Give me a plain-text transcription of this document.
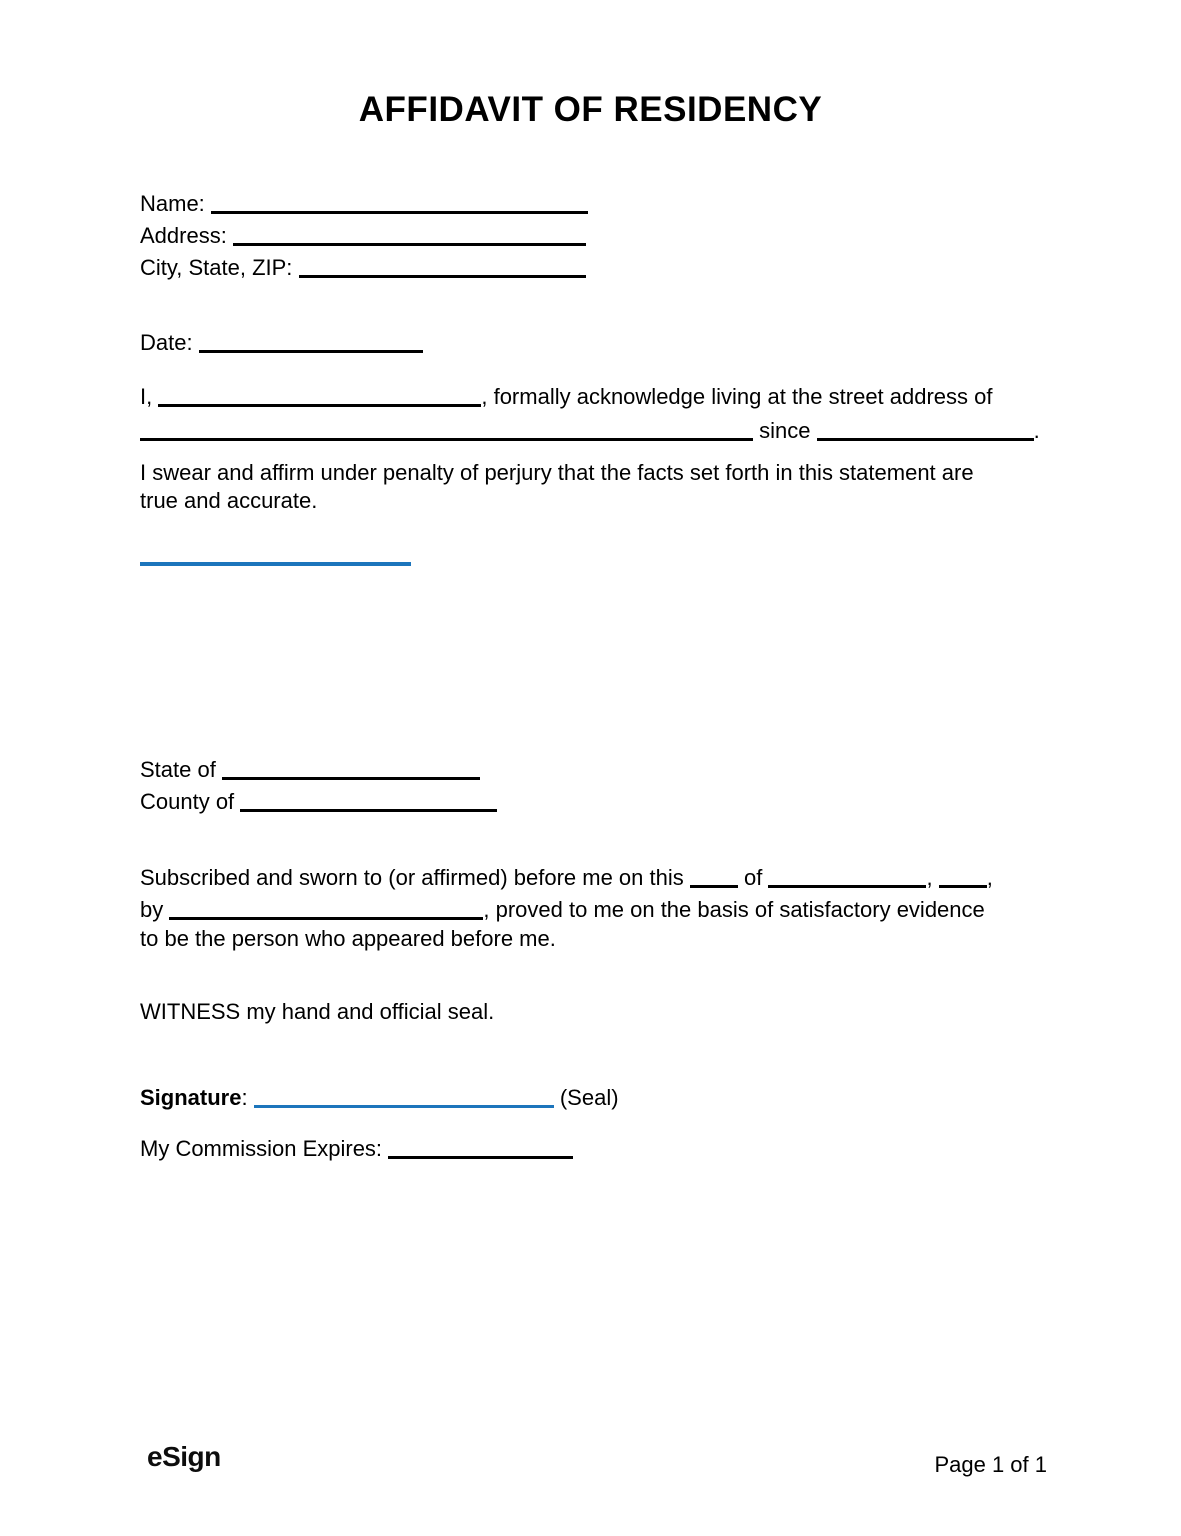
AFFIDAVIT OF RESIDENCY
Name:
Address:
City, State, ZIP:
Date:
I,	, formally acknowledge living at the street address of
since	.
I swear and affirm under penalty of perjury that the facts set forth in this statement are
true and accurate.
State of
County of
Subscribed and sworn to (or affirmed) before me on this	of	, ,
by	, proved to me on the basis of satisfactory evidence
to be the person who appeared before me.
WITNESS my hand and official seal.
Signature:	(Seal)
My Commission Expires:
eSign	Page 1 of 1
